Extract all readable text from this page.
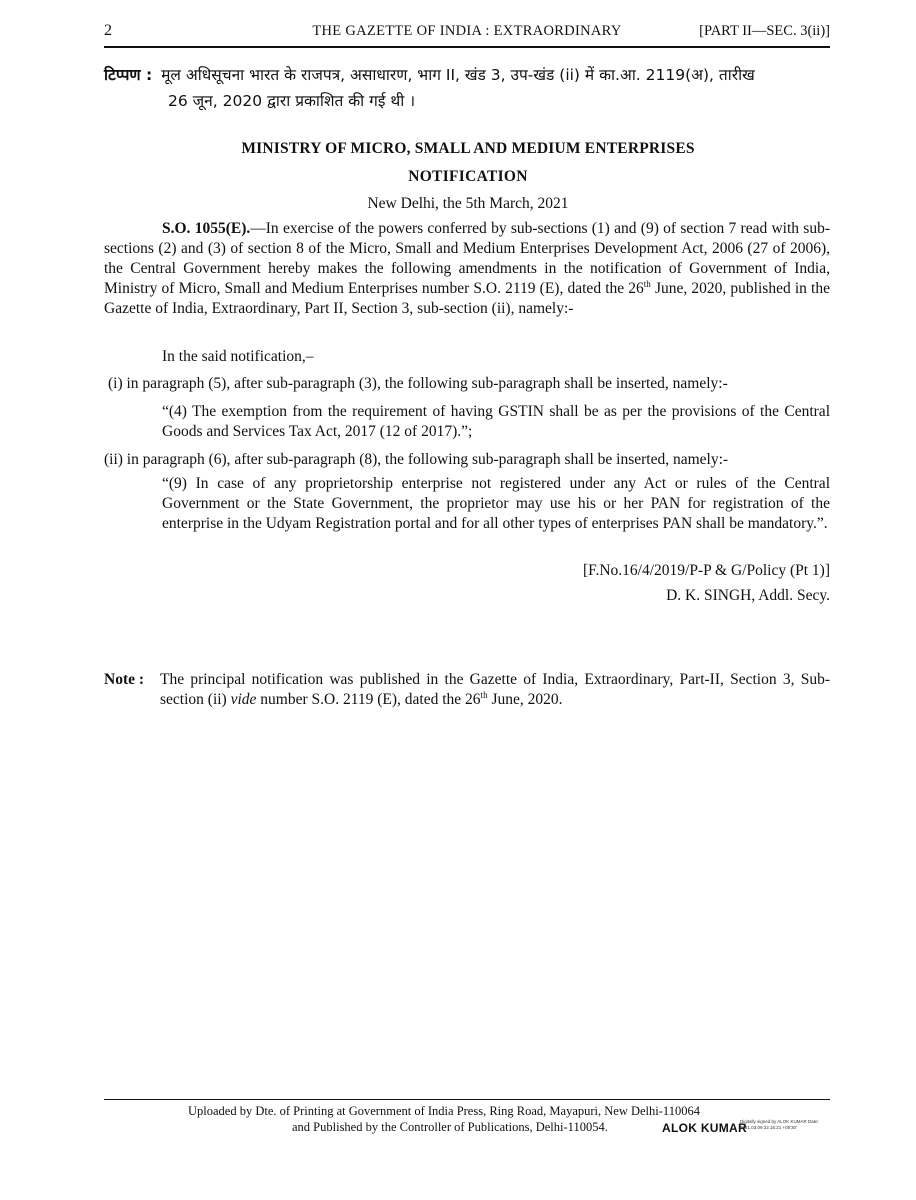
2	THE GAZETTE OF INDIA : EXTRAORDINARY	[PART II—SEC. 3(ii)]
टिप्पण : मूल अधिसूचना भारत के राजपत्र, असाधारण, भाग II, खंड 3, उप-खंड (ii) में का.आ. 2119(अ), तारीख
26 जून, 2020 द्वारा प्रकाशित की गई थी ।
MINISTRY OF MICRO, SMALL AND MEDIUM ENTERPRISES
NOTIFICATION
New Delhi, the 5th March, 2021
S.O. 1055(E).—In exercise of the powers conferred by sub-sections (1) and (9) of section 7 read with sub-sections (2) and (3) of section 8 of the Micro, Small and Medium Enterprises Development Act, 2006 (27 of 2006), the Central Government hereby makes the following amendments in the notification of Government of India, Ministry of Micro, Small and Medium Enterprises number S.O. 2119 (E), dated the 26th June, 2020, published in the Gazette of India, Extraordinary, Part II, Section 3, sub-section (ii), namely:-
In the said notification,–
(i) in paragraph (5), after sub-paragraph (3), the following sub-paragraph shall be inserted, namely:-
“(4) The exemption from the requirement of having GSTIN shall be as per the provisions of the Central Goods and Services Tax Act, 2017 (12 of 2017).”;
(ii) in paragraph (6), after sub-paragraph (8), the following sub-paragraph shall be inserted, namely:-
“(9) In case of any proprietorship enterprise not registered under any Act or rules of the Central Government or the State Government, the proprietor may use his or her PAN for registration of the enterprise in the Udyam Registration portal and for all other types of enterprises PAN shall be mandatory.”.
[F.No.16/4/2019/P-P & G/Policy (Pt 1)]
D. K. SINGH, Addl. Secy.
Note :	The principal notification was published in the Gazette of India, Extraordinary, Part-II, Section 3, Sub-section (ii) vide number S.O. 2119 (E), dated the 26th June, 2020.
Uploaded by Dte. of Printing at Government of India Press, Ring Road, Mayapuri, New Delhi-110064
and Published by the Controller of Publications, Delhi-110054.	ALOK KUMAR
Digitally signed by ALOK KUMAR Date: 2021.03.09 22:16:21 +05'30'
